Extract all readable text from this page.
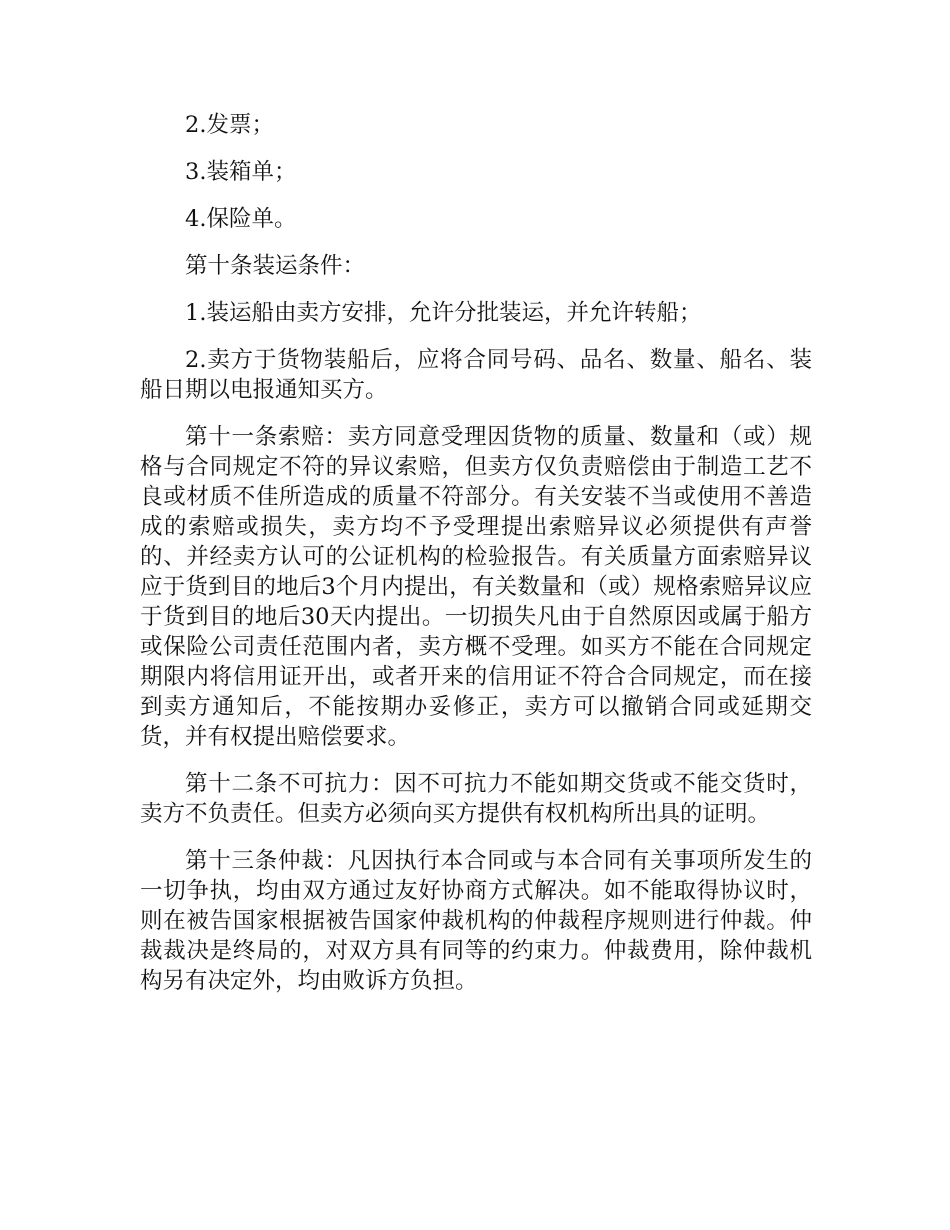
2.发票；

3.装箱单；

4.保险单。

第十条装运条件：

1.装运船由卖方安排，允许分批装运，并允许转船；

2.卖方于货物装船后，应将合同号码、品名、数量、船名、装船日期以电报通知买方。

第十一条索赔：卖方同意受理因货物的质量、数量和（或）规格与合同规定不符的异议索赔，但卖方仅负责赔偿由于制造工艺不良或材质不佳所造成的质量不符部分。有关安装不当或使用不善造成的索赔或损失，卖方均不予受理提出索赔异议必须提供有声誉的、并经卖方认可的公证机构的检验报告。有关质量方面索赔异议应于货到目的地后3个月内提出，有关数量和（或）规格索赔异议应于货到目的地后30天内提出。一切损失凡由于自然原因或属于船方或保险公司责任范围内者，卖方概不受理。如买方不能在合同规定期限内将信用证开出，或者开来的信用证不符合合同规定，而在接到卖方通知后，不能按期办妥修正，卖方可以撤销合同或延期交货，并有权提出赔偿要求。

第十二条不可抗力：因不可抗力不能如期交货或不能交货时，卖方不负责任。但卖方必须向买方提供有权机构所出具的证明。

第十三条仲裁：凡因执行本合同或与本合同有关事项所发生的一切争执，均由双方通过友好协商方式解决。如不能取得协议时，则在被告国家根据被告国家仲裁机构的仲裁程序规则进行仲裁。仲裁裁决是终局的，对双方具有同等的约束力。仲裁费用，除仲裁机构另有决定外，均由败诉方负担。
